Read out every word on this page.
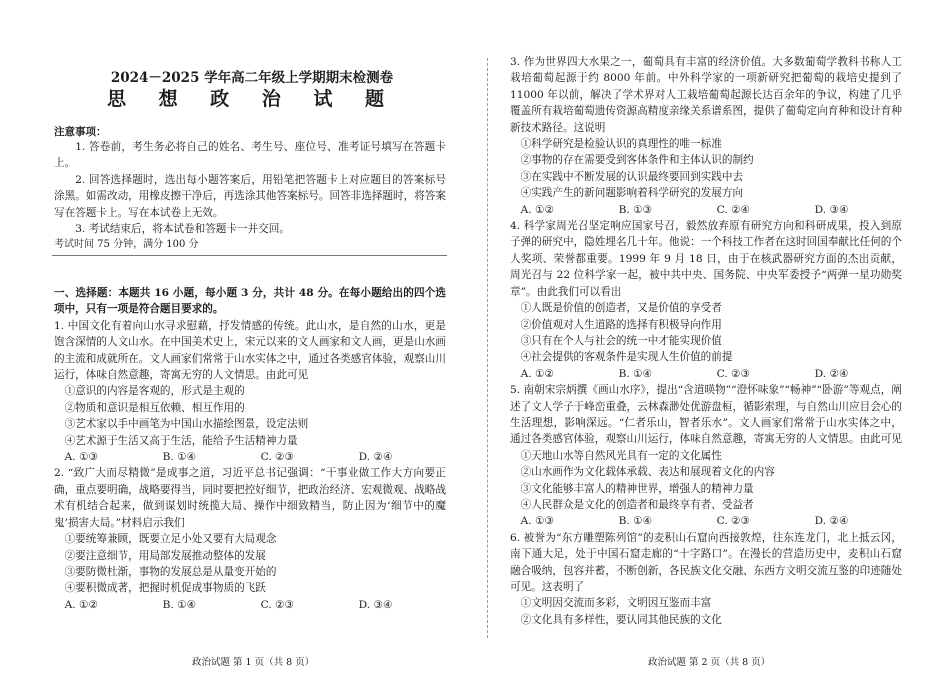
2024－2025 学年高二年级上学期期末检测卷
思 想 政 治 试 题
注意事项：

1. 答卷前，考生务必将自己的姓名、考生号、座位号、准考证号填写在答题卡上。

2. 回答选择题时，选出每小题答案后，用铅笔把答题卡上对应题目的答案标号涂黑。如需改动，用橡皮擦干净后，再选涂其他答案标号。回答非选择题时，将答案写在答题卡上。写在本试卷上无效。

3. 考试结束后，将本试卷和答题卡一并交回。

考试时间 75 分钟，满分 100 分

一、选择题：本题共 16 小题，每小题 3 分，共计 48 分。在每小题给出的四个选项中，只有一项是符合题目要求的。

1. 中国文化有着向山水寻求慰藉，抒发情感的传统。此山水，是自然的山水，更是饱含深情的人文山水。在中国美术史上，宋元以来的文人画家和文人画，更是山水画的主流和成就所在。文人画家们常常于山水实体之中，通过各类感官体验，观察山川运行，体味自然意趣，寄寓无穷的人文情思。由此可见

①意识的内容是客观的，形式是主观的

②物质和意识是相互依赖、相互作用的

③艺术家以手中画笔为中国山水描绘图景，设定法则

④艺术源于生活又高于生活，能给予生活精神力量

A. ①③	B. ①④	C. ②③	D. ②④

2. “致广大而尽精微”是成事之道，习近平总书记强调：“干事业做工作大方向要正确，重点要明确，战略要得当，同时要把控好细节，把政治经济、宏观微观、战略战术有机结合起来，做到谋划时统揽大局、操作中细致精当，防止因为‘细节中的魔鬼’损害大局。”材料启示我们

①要统筹兼顾，既要立足小处又要有大局观念

②要注意细节，用局部发展推动整体的发展

③要防微杜渐，事物的发展总是从量变开始的

④要积微成著，把握时机促成事物质的飞跃

A. ①②	B. ①④	C. ②③	D. ③④
政治试题 第 1 页（共 8 页）

3. 作为世界四大水果之一，葡萄具有丰富的经济价值。大多数葡萄学教科书称人工栽培葡萄起源于约 8000 年前。中外科学家的一项新研究把葡萄的栽培史提到了 11000 年以前，解决了学术界对人工栽培葡萄起源长达百余年的争议，构建了几乎覆盖所有栽培葡萄遗传资源高精度亲缘关系谱系图，提供了葡萄定向育种和设计育种新技术路径。这说明

①科学研究是检验认识的真理性的唯一标准

②事物的存在需要受到客体条件和主体认识的制约

③在实践中不断发展的认识最终要回到实践中去

④实践产生的新问题影响着科学研究的发展方向

A. ①②	B. ①③	C. ②④	D. ③④

4. 科学家周光召坚定响应国家号召，毅然放弃原有研究方向和科研成果，投入到原子弹的研究中，隐姓埋名几十年。他说：一个科技工作者在这时回国奉献比任何的个人奖项、荣誉都重要。1999 年 9 月 18 日，由于在核武器研究方面的杰出贡献，周光召与 22 位科学家一起，被中共中央、国务院、中央军委授予“两弹一星功勋奖章”。由此我们可以看出

①人既是价值的创造者，又是价值的享受者

②价值观对人生道路的选择有积极导向作用

③只有在个人与社会的统一中才能实现价值

④社会提供的客观条件是实现人生价值的前提

A. ①②	B. ①④	C. ②③	D. ②④

5. 南朝宋宗炳撰《画山水序》，提出“含道暎物”“澄怀味象”“畅神”“卧游”等观点，阐述了文人学子于峰峦重叠，云林森渺处优游盘桓，循影索理，与自然山川应目会心的生活理想，影响深远。“仁者乐山，智者乐水”。文人画家们常常于山水实体之中，通过各类感官体验，观察山川运行，体味自然意趣，寄寓无穷的人文情思。由此可见

①天地山水等自然风光具有一定的文化属性

②山水画作为文化载体承载、表达和展现着文化的内容

③文化能够丰富人的精神世界，增强人的精神力量

④人民群众是文化的创造者和最终享有者、受益者

A. ①③	B. ①④	C. ②③	D. ②④

6. 被誉为“东方雕塑陈列馆”的麦积山石窟向西接敦煌，往东连龙门，北上抵云冈，南下通大足，处于中国石窟走廊的“十字路口”。在漫长的营造历史中，麦积山石窟融合吸纳，包容并蓄，不断创新，各民族文化交融、东西方文明交流互鉴的印迹随处可见。这表明了

①文明因交流而多彩，文明因互鉴而丰富

②文化具有多样性，要认同其他民族的文化

政治试题 第 2 页（共 8 页）
